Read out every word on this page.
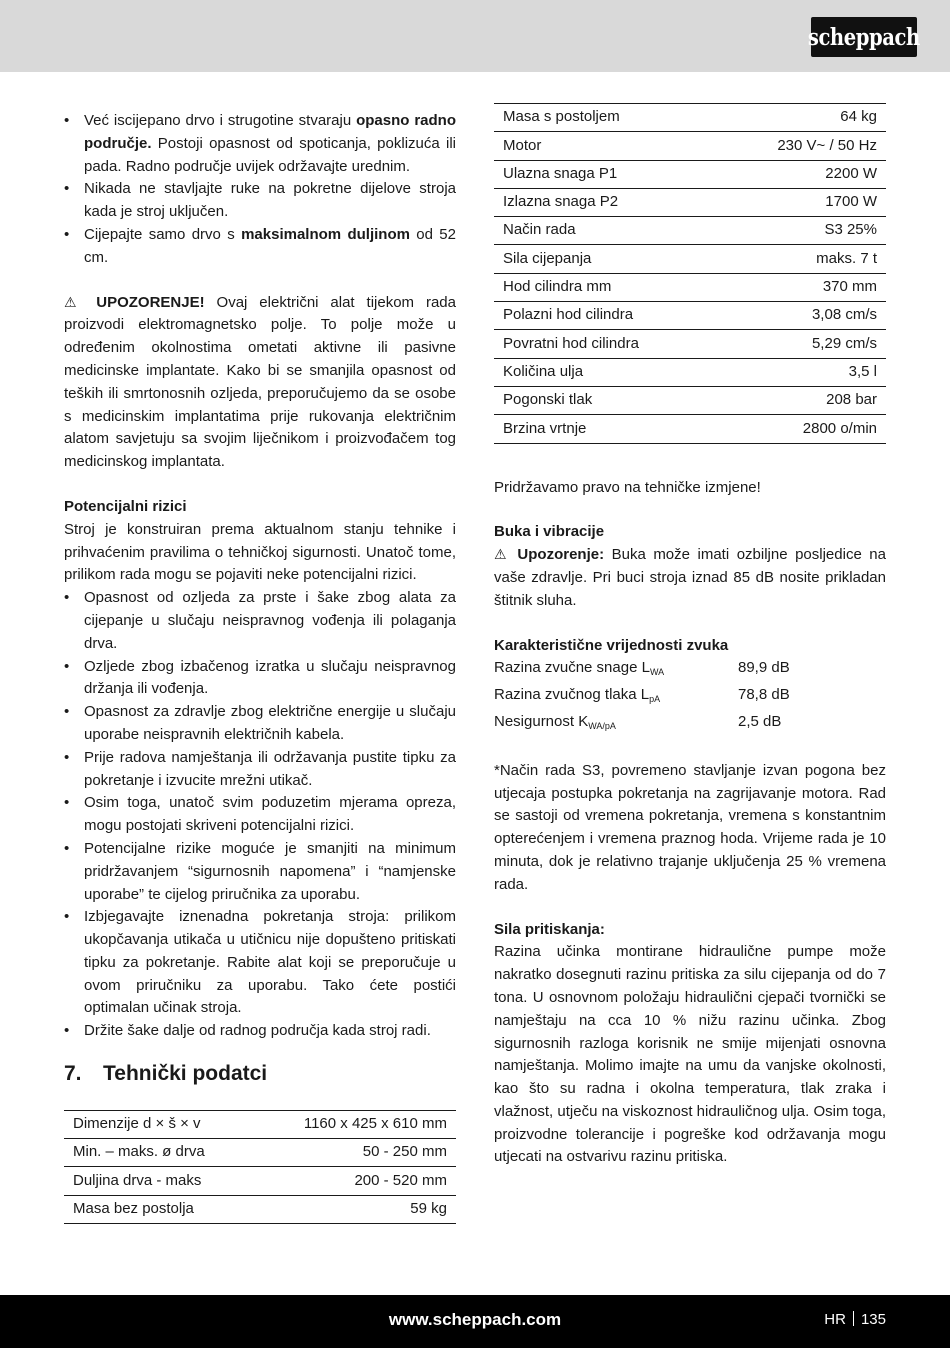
scheppach
• Već iscijepano drvo i strugotine stvaraju opasno radno područje. Postoji opasnost od spoticanja, poklizuća ili pada. Radno područje uvijek održavajte urednim.
• Nikada ne stavljajte ruke na pokretne dijelove stroja kada je stroj uključen.
• Cijepajte samo drvo s maksimalnom duljinom od 52 cm.

⚠ UPOZORENJE! Ovaj električni alat tijekom rada proizvodi elektromagnetsko polje. To polje može u određenim okolnostima ometati aktivne ili pasivne medicinske implantate. Kako bi se smanjila opasnost od teških ili smrtonosnih ozljeda, preporučujemo da se osobe s medicinskim implantatima prije rukovanja električnim alatom savjetuju sa svojim liječnikom i proizvođačem tog medicinskog implantata.

Potencijalni rizici

Stroj je konstruiran prema aktualnom stanju tehnike i prihvaćenim pravilima o tehničkoj sigurnosti. Unatoč tome, prilikom rada mogu se pojaviti neke potencijalni rizici.

• Opasnost od ozljeda za prste i šake zbog alata za cijepanje u slučaju neispravnog vođenja ili polaganja drva.
• Ozljede zbog izbačenog izratka u slučaju neispravnog držanja ili vođenja.
• Opasnost za zdravlje zbog električne energije u slučaju uporabe neispravnih električnih kabela.
• Prije radova namještanja ili održavanja pustite tipku za pokretanje i izvucite mrežni utikač.
• Osim toga, unatoč svim poduzetim mjerama opreza, mogu postojati skriveni potencijalni rizici.
• Potencijalne rizike moguće je smanjiti na minimum pridržavanjem “sigurnosnih napomena” i “namjenske uporabe” te cijelog priručnika za uporabu.
• Izbjegavajte iznenadna pokretanja stroja: prilikom ukopčavanja utikača u utičnicu nije dopušteno pritiskati tipku za pokretanje. Rabite alat koji se preporučuje u ovom priručniku za uporabu. Tako ćete postići optimalan učinak stroja.
• Držite šake dalje od radnog područja kada stroj radi.
7.	Tehnički podatci
Dimenzije d × š × v	1160 x 425 x 610 mm
Min. – maks. ø drva	50 - 250 mm
Duljina drva - maks	200 - 520 mm
Masa bez postolja	59 kg
Masa s postoljem	64 kg
Motor	230 V~ / 50 Hz
Ulazna snaga P1	2200 W
Izlazna snaga P2	1700 W
Način rada	S3 25%
Sila cijepanja	maks. 7 t
Hod cilindra mm	370 mm
Polazni hod cilindra	3,08 cm/s
Povratni hod cilindra	5,29 cm/s
Količina ulja	3,5 l
Pogonski tlak	208 bar
Brzina vrtnje	2800 o/min

Pridržavamo pravo na tehničke izmjene!

Buka i vibracije

⚠ Upozorenje: Buka može imati ozbiljne posljedice na vaše zdravlje. Pri buci stroja iznad 85 dB nosite prikladan štitnik sluha.

Karakteristične vrijednosti zvuka
Razina zvučne snage $L_{WA}$	89,9 dB
Razina zvučnog tlaka $L_{pA}$	78,8 dB
Nesigurnost $K_{WA/pA}$	2,5 dB

*Način rada S3, povremeno stavljanje izvan pogona bez utjecaja postupka pokretanja na zagrijavanje motora. Rad se sastoji od vremena pokretanja, vremena s konstantnim opterećenjem i vremena praznog hoda. Vrijeme rada je 10 minuta, dok je relativno trajanje uključenja 25 % vremena rada.

Sila pritiskanja:

Razina učinka montirane hidraulične pumpe može nakratko dosegnuti razinu pritiska za silu cijepanja od do 7 tona. U osnovnom položaju hidraulični cjepači tvornički se namještaju na cca 10 % nižu razinu učinka. Zbog sigurnosnih razloga korisnik ne smije mijenjati osnovna namještanja. Molimo imajte na umu da vanjske okolnosti, kao što su radna i okolna temperatura, tlak zraka i vlažnost, utječu na viskoznost hidrauličnog ulja. Osim toga, proizvodne tolerancije i pogreške kod održavanja mogu utjecati na ostvarivu razinu pritiska.

www.scheppach.com	HR 135
